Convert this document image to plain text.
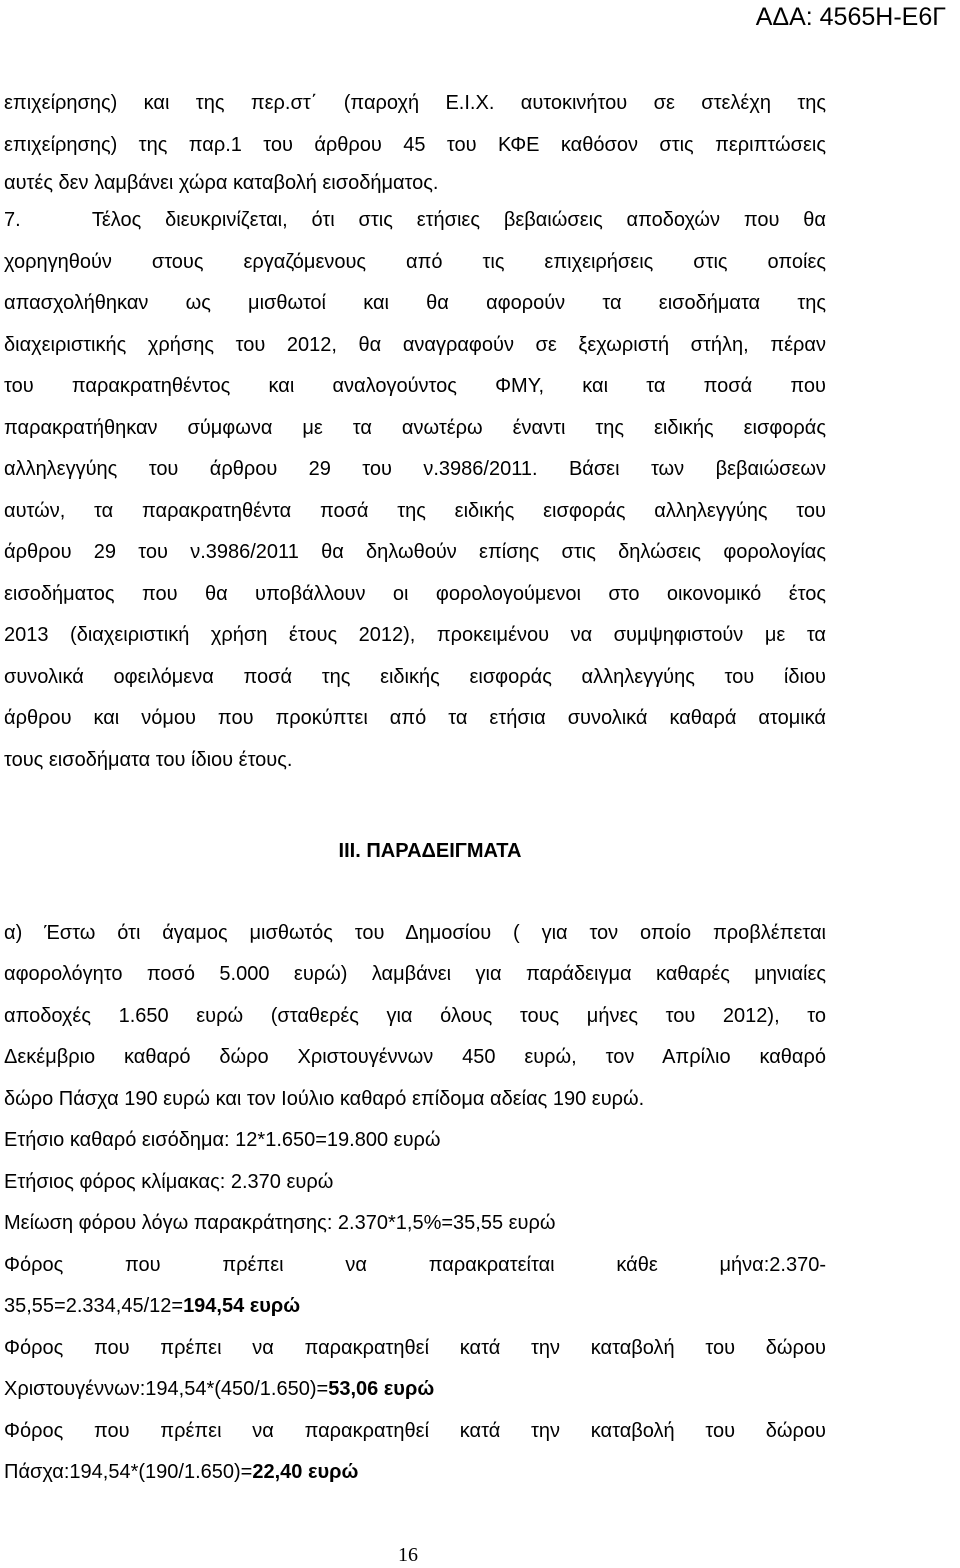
ΑΔΑ: 4565Η-Ε6Γ
επιχείρησης) και της περ.στ΄ (παροχή Ε.Ι.Χ. αυτοκινήτου σε στελέχη της
επιχείρησης) της παρ.1 του άρθρου 45 του ΚΦΕ καθόσον στις περιπτώσεις
αυτές δεν λαμβάνει χώρα καταβολή εισοδήματος.
7.   Τέλος διευκρινίζεται, ότι στις ετήσιες βεβαιώσεις αποδοχών που θα
χορηγηθούν στους εργαζόμενους από τις επιχειρήσεις στις οποίες
απασχολήθηκαν ως μισθωτοί και θα αφορούν τα εισοδήματα της
διαχειριστικής χρήσης του 2012, θα αναγραφούν σε ξεχωριστή στήλη, πέραν
του παρακρατηθέντος και αναλογούντος ΦΜΥ, και τα ποσά που
παρακρατήθηκαν σύμφωνα με τα ανωτέρω έναντι της ειδικής εισφοράς
αλληλεγγύης του άρθρου 29 του ν.3986/2011. Βάσει των βεβαιώσεων
αυτών, τα παρακρατηθέντα ποσά της ειδικής εισφοράς αλληλεγγύης του
άρθρου 29 του ν.3986/2011 θα δηλωθούν επίσης στις δηλώσεις φορολογίας
εισοδήματος που θα υποβάλλουν οι φορολογούμενοι στο οικονομικό έτος
2013 (διαχειριστική χρήση έτους 2012), προκειμένου να συμψηφιστούν με τα
συνολικά οφειλόμενα ποσά της ειδικής εισφοράς αλληλεγγύης του ίδιου
άρθρου και νόμου που προκύπτει από τα ετήσια συνολικά καθαρά ατομικά
τους εισοδήματα του ίδιου έτους.
III. ΠΑΡΑΔΕΙΓΜΑΤΑ
α) Έστω ότι άγαμος μισθωτός του Δημοσίου ( για τον οποίο προβλέπεται
αφορολόγητο ποσό 5.000 ευρώ) λαμβάνει για παράδειγμα καθαρές μηνιαίες
αποδοχές 1.650 ευρώ (σταθερές για όλους τους μήνες του 2012), το
Δεκέμβριο καθαρό δώρο Χριστουγέννων 450 ευρώ, τον Απρίλιο καθαρό
δώρο Πάσχα 190 ευρώ και τον Ιούλιο καθαρό επίδομα αδείας 190 ευρώ.
Ετήσιο καθαρό εισόδημα: 12*1.650=19.800 ευρώ
Ετήσιος φόρος κλίμακας: 2.370 ευρώ
Μείωση φόρου λόγω παρακράτησης: 2.370*1,5%=35,55 ευρώ
Φόρος που πρέπει να παρακρατείται κάθε μήνα:2.370-
35,55=2.334,45/12=194,54 ευρώ
Φόρος που πρέπει να παρακρατηθεί κατά την καταβολή του δώρου
Χριστουγέννων:194,54*(450/1.650)=53,06 ευρώ
Φόρος που πρέπει να παρακρατηθεί κατά την καταβολή του δώρου
Πάσχα:194,54*(190/1.650)=22,40 ευρώ
16
